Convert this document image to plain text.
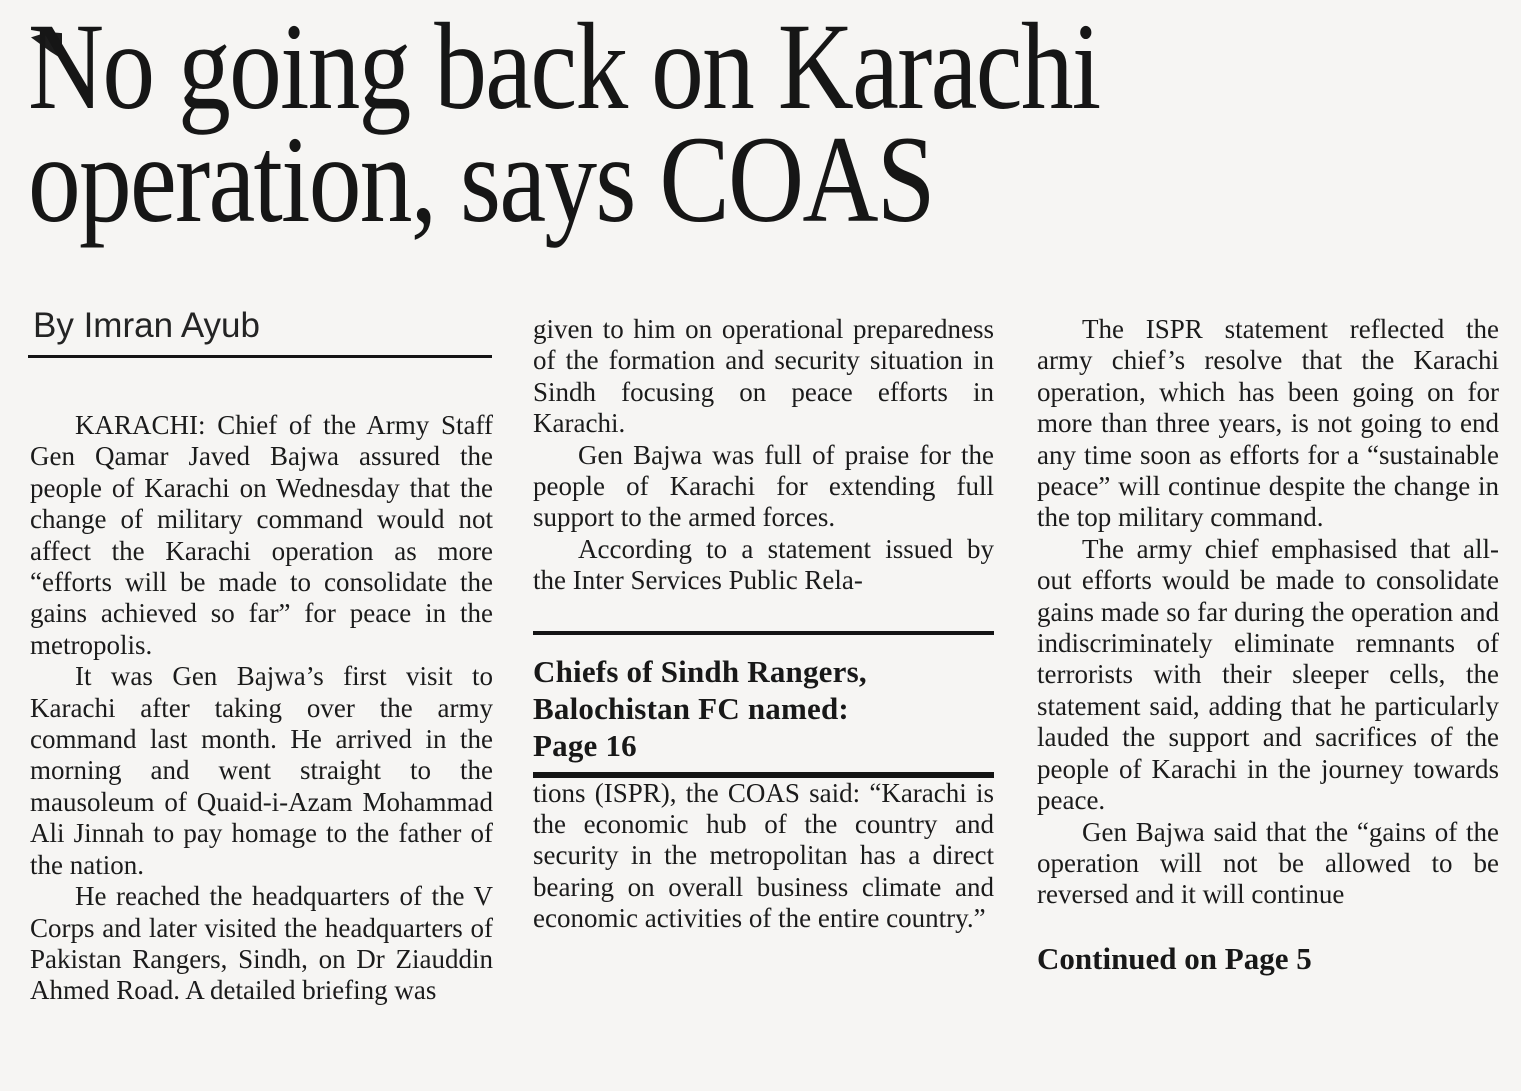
No going back on Karachi
operation, says COAS
By Imran Ayub

KARACHI: Chief of the Army Staff Gen Qamar Javed Bajwa assured the people of Karachi on Wednesday that the change of military command would not affect the Karachi operation as more “efforts will be made to consolidate the gains achieved so far” for peace in the metropolis.

It was Gen Bajwa’s first visit to Karachi after taking over the army command last month. He arrived in the morning and went straight to the mausoleum of Quaid-i-Azam Mohammad Ali Jinnah to pay homage to the father of the nation.

He reached the headquarters of the V Corps and later visited the headquarters of Pakistan Rangers, Sindh, on Dr Ziauddin Ahmed Road. A detailed briefing was

given to him on operational preparedness of the formation and security situation in Sindh focusing on peace efforts in Karachi.

Gen Bajwa was full of praise for the people of Karachi for extending full support to the armed forces.

According to a statement issued by the Inter Services Public Rela-

Chiefs of Sindh Rangers,
Balochistan FC named:
Page 16

tions (ISPR), the COAS said: “Karachi is the economic hub of the country and security in the metropolitan has a direct bearing on overall business climate and economic activities of the entire country.”

The ISPR statement reflected the army chief’s resolve that the Karachi operation, which has been going on for more than three years, is not going to end any time soon as efforts for a “sustainable peace” will continue despite the change in the top military command.

The army chief emphasised that all-out efforts would be made to consolidate gains made so far during the operation and indiscriminately eliminate remnants of terrorists with their sleeper cells, the statement said, adding that he particularly lauded the support and sacrifices of the people of Karachi in the journey towards peace.

Gen Bajwa said that the “gains of the operation will not be allowed to be reversed and it will continue

Continued on Page 5
